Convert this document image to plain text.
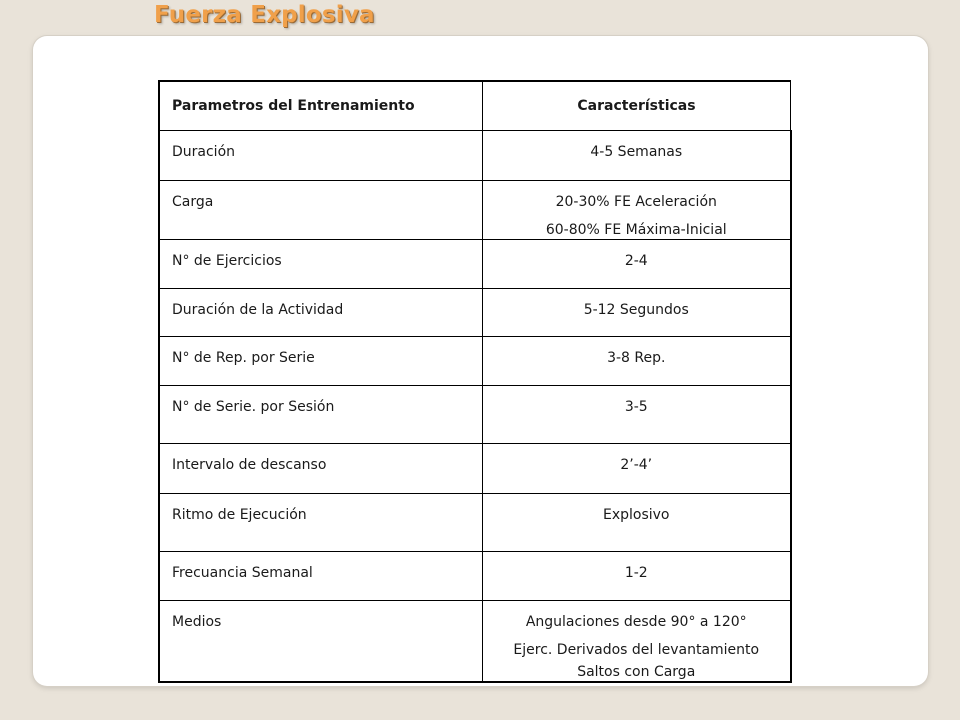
Fuerza Explosiva
Parametros del Entrenamiento	Características

Duración	4-5 Semanas

Carga	20-30% FE Aceleración
60-80% FE Máxima-Inicial

N° de Ejercicios	2-4

Duración de la Actividad	5-12 Segundos

N° de Rep. por Serie	3-8 Rep.

N° de Serie. por Sesión	3-5

Intervalo de descanso	2’-4’

Ritmo de Ejecución	Explosivo

Frecuancia Semanal	1-2

Medios	Angulaciones desde 90° a 120°
Ejerc. Derivados del levantamiento
Saltos con Carga
